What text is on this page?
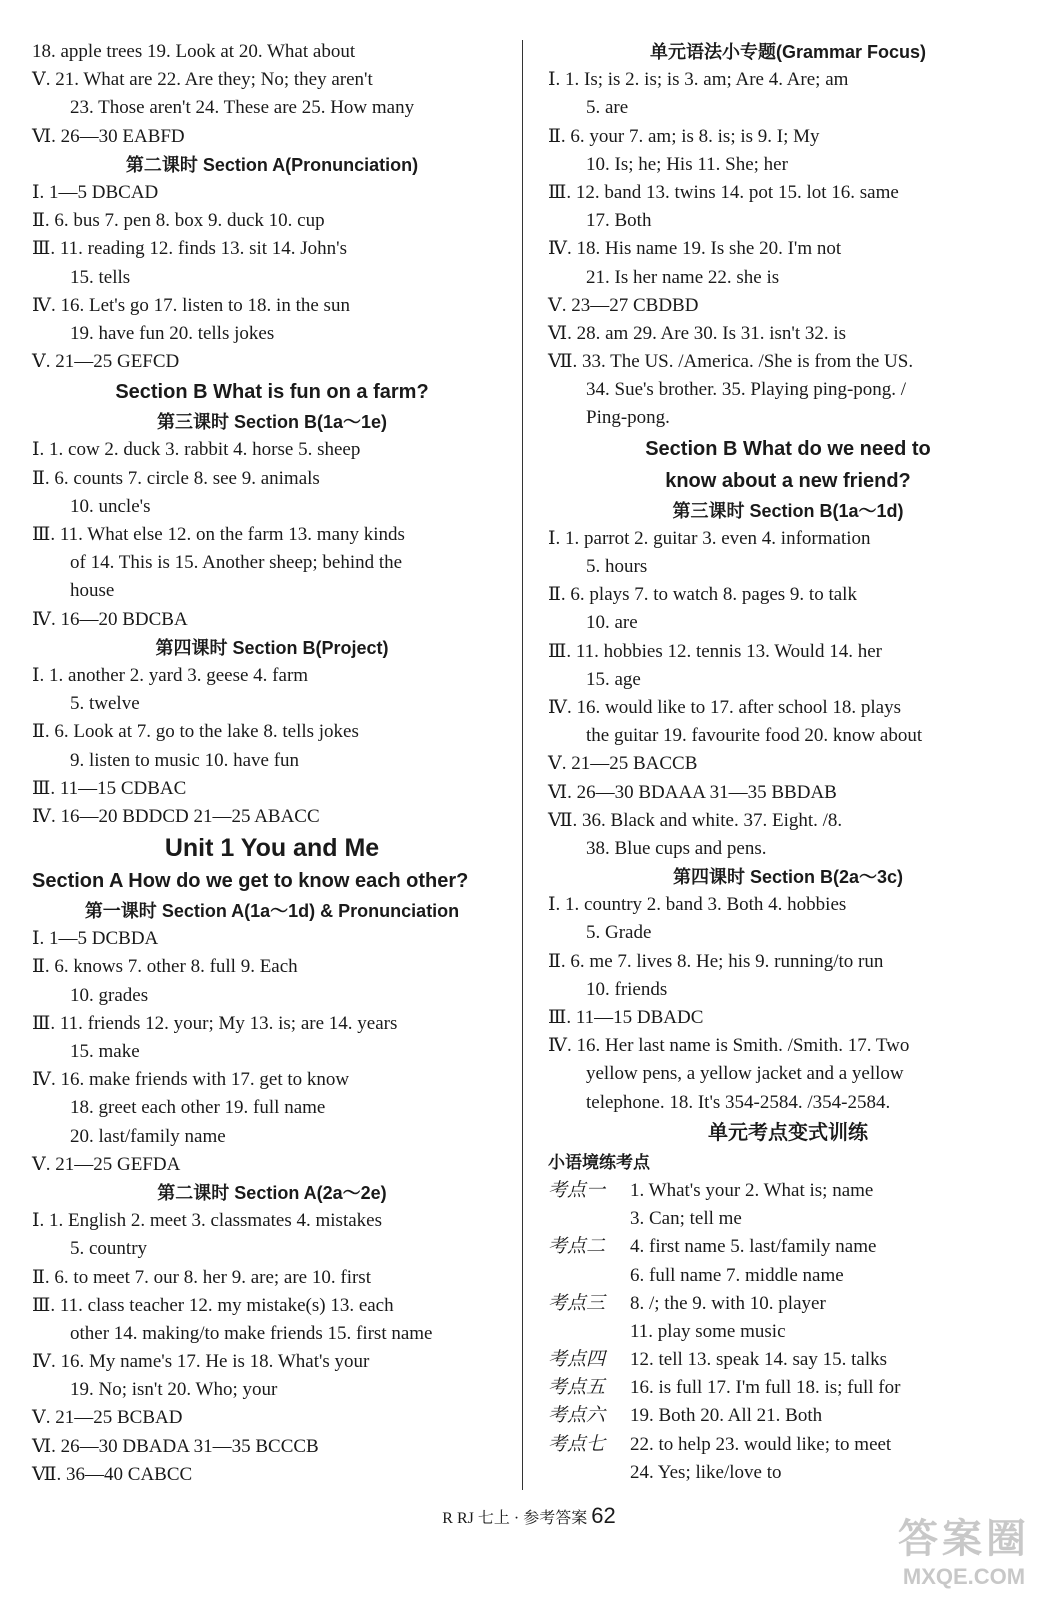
18. apple trees 19. Look at 20. What about
Ⅴ. 21. What are 22. Are they; No; they aren't
23. Those aren't 24. These are 25. How many
Ⅵ. 26—30 EABFD
第二课时 Section A(Pronunciation)
Ⅰ. 1—5 DBCAD
Ⅱ. 6. bus 7. pen 8. box 9. duck 10. cup
Ⅲ. 11. reading 12. finds 13. sit 14. John's
15. tells
Ⅳ. 16. Let's go 17. listen to 18. in the sun
19. have fun 20. tells jokes
Ⅴ. 21—25 GEFCD
Section B What is fun on a farm?
第三课时 Section B(1a～1e)
Ⅰ. 1. cow 2. duck 3. rabbit 4. horse 5. sheep
Ⅱ. 6. counts 7. circle 8. see 9. animals
10. uncle's
Ⅲ. 11. What else 12. on the farm 13. many kinds
of 14. This is 15. Another sheep; behind the
house
Ⅳ. 16—20 BDCBA
第四课时 Section B(Project)
Ⅰ. 1. another 2. yard 3. geese 4. farm
5. twelve
Ⅱ. 6. Look at 7. go to the lake 8. tells jokes
9. listen to music 10. have fun
Ⅲ. 11—15 CDBAC
Ⅳ. 16—20 BDDCD 21—25 ABACC
Unit 1 You and Me
Section A How do we get to know each other?
第一课时 Section A(1a～1d) & Pronunciation
Ⅰ. 1—5 DCBDA
Ⅱ. 6. knows 7. other 8. full 9. Each
10. grades
Ⅲ. 11. friends 12. your; My 13. is; are 14. years
15. make
Ⅳ. 16. make friends with 17. get to know
18. greet each other 19. full name
20. last/family name
Ⅴ. 21—25 GEFDA
第二课时 Section A(2a～2e)
Ⅰ. 1. English 2. meet 3. classmates 4. mistakes
5. country
Ⅱ. 6. to meet 7. our 8. her 9. are; are 10. first
Ⅲ. 11. class teacher 12. my mistake(s) 13. each
other 14. making/to make friends 15. first name
Ⅳ. 16. My name's 17. He is 18. What's your
19. No; isn't 20. Who; your
Ⅴ. 21—25 BCBAD
Ⅵ. 26—30 DBADA 31—35 BCCCB
Ⅶ. 36—40 CABCC
单元语法小专题(Grammar Focus)
Ⅰ. 1. Is; is 2. is; is 3. am; Are 4. Are; am
5. are
Ⅱ. 6. your 7. am; is 8. is; is 9. I; My
10. Is; he; His 11. She; her
Ⅲ. 12. band 13. twins 14. pot 15. lot 16. same
17. Both
Ⅳ. 18. His name 19. Is she 20. I'm not
21. Is her name 22. she is
Ⅴ. 23—27 CBDBD
Ⅵ. 28. am 29. Are 30. Is 31. isn't 32. is
Ⅶ. 33. The US. /America. /She is from the US.
34. Sue's brother. 35. Playing ping-pong. /
Ping-pong.
Section B What do we need to
know about a new friend?
第三课时 Section B(1a～1d)
Ⅰ. 1. parrot 2. guitar 3. even 4. information
5. hours
Ⅱ. 6. plays 7. to watch 8. pages 9. to talk
10. are
Ⅲ. 11. hobbies 12. tennis 13. Would 14. her
15. age
Ⅳ. 16. would like to 17. after school 18. plays
the guitar 19. favourite food 20. know about
Ⅴ. 21—25 BACCB
Ⅵ. 26—30 BDAAA 31—35 BBDAB
Ⅶ. 36. Black and white. 37. Eight. /8.
38. Blue cups and pens.
第四课时 Section B(2a～3c)
Ⅰ. 1. country 2. band 3. Both 4. hobbies
5. Grade
Ⅱ. 6. me 7. lives 8. He; his 9. running/to run
10. friends
Ⅲ. 11—15 DBADC
Ⅳ. 16. Her last name is Smith. /Smith. 17. Two
yellow pens, a yellow jacket and a yellow
telephone. 18. It's 354-2584. /354-2584.
单元考点变式训练
小语境练考点
考点一 1. What's your 2. What is; name
3. Can; tell me
考点二 4. first name 5. last/family name
6. full name 7. middle name
考点三 8. /; the 9. with 10. player
11. play some music
考点四 12. tell 13. speak 14. say 15. talks
考点五 16. is full 17. I'm full 18. is; full for
考点六 19. Both 20. All 21. Both
考点七 22. to help 23. would like; to meet
24. Yes; like/love to
R RJ 七上 · 参考答案 62
答案圈
MXQE.COM
